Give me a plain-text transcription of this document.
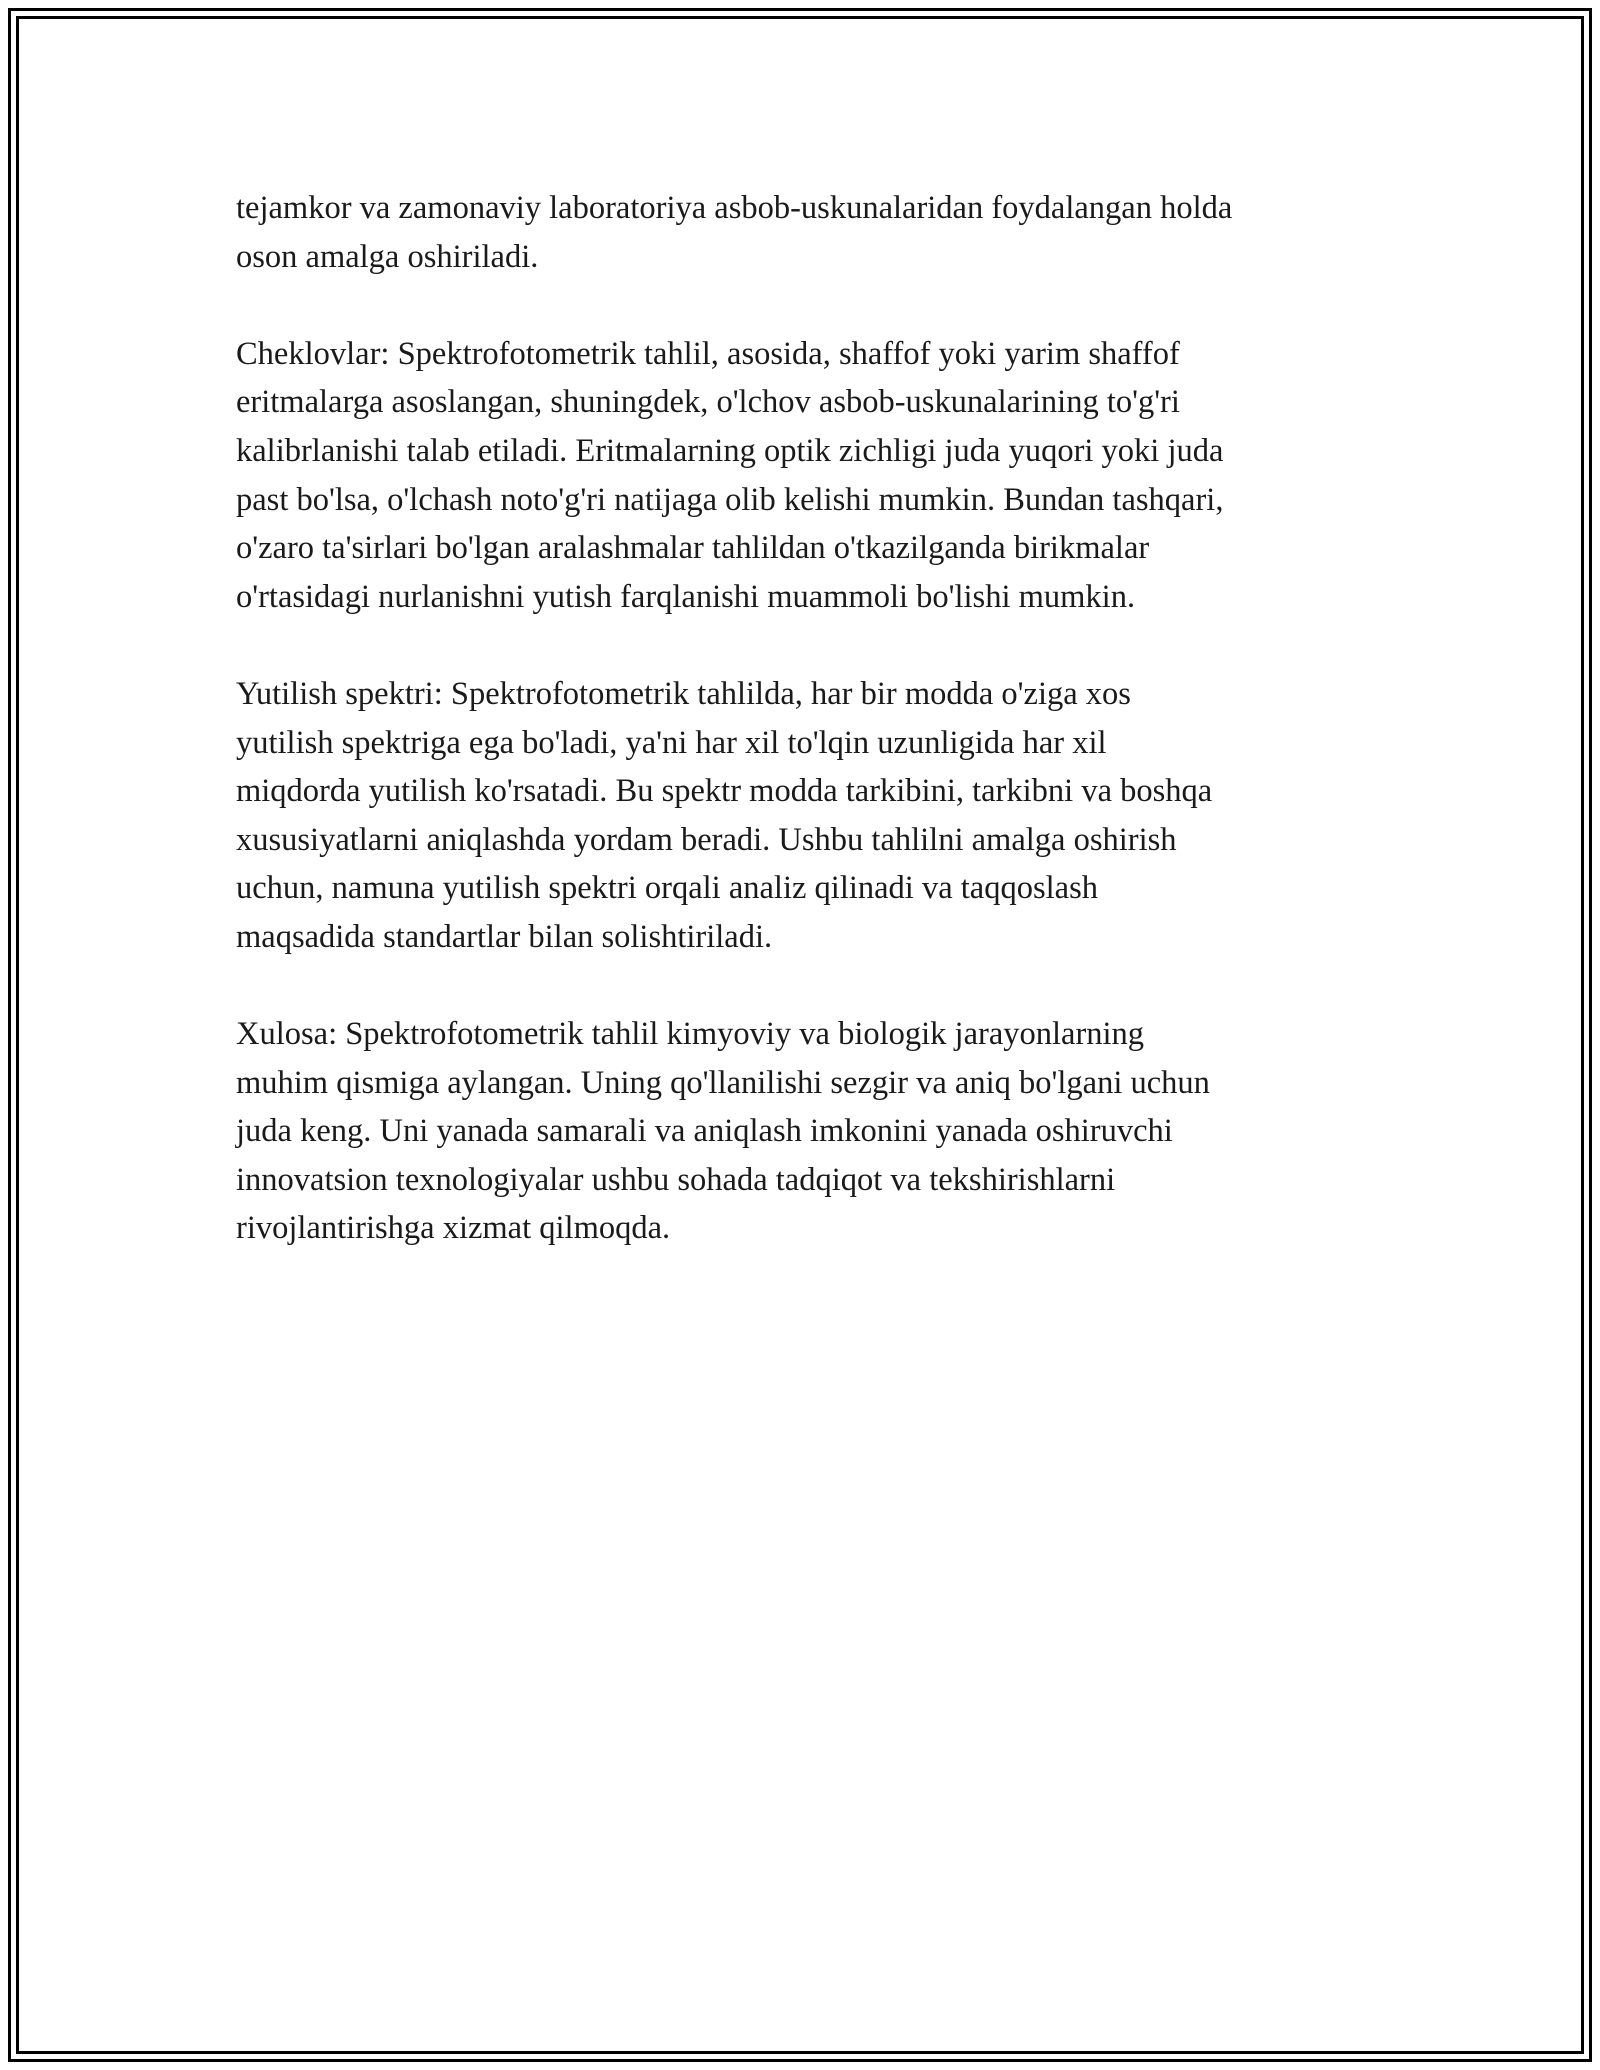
tejamkor va zamonaviy laboratoriya asbob-uskunalaridan foydalangan holda
oson amalga oshiriladi.

Cheklovlar: Spektrofotometrik tahlil, asosida, shaffof yoki yarim shaffof
eritmalarga asoslangan, shuningdek, o'lchov asbob-uskunalarining to'g'ri
kalibrlanishi talab etiladi. Eritmalarning optik zichligi juda yuqori yoki juda
past bo'lsa, o'lchash noto'g'ri natijaga olib kelishi mumkin. Bundan tashqari,
o'zaro ta'sirlari bo'lgan aralashmalar tahlildan o'tkazilganda birikmalar
o'rtasidagi nurlanishni yutish farqlanishi muammoli bo'lishi mumkin.

Yutilish spektri: Spektrofotometrik tahlilda, har bir modda o'ziga xos
yutilish spektriga ega bo'ladi, ya'ni har xil to'lqin uzunligida har xil
miqdorda yutilish ko'rsatadi. Bu spektr modda tarkibini, tarkibni va boshqa
xususiyatlarni aniqlashda yordam beradi. Ushbu tahlilni amalga oshirish
uchun, namuna yutilish spektri orqali analiz qilinadi va taqqoslash
maqsadida standartlar bilan solishtiriladi.

Xulosa: Spektrofotometrik tahlil kimyoviy va biologik jarayonlarning
muhim qismiga aylangan. Uning qo'llanilishi sezgir va aniq bo'lgani uchun
juda keng. Uni yanada samarali va aniqlash imkonini yanada oshiruvchi
innovatsion texnologiyalar ushbu sohada tadqiqot va tekshirishlarni
rivojlantirishga xizmat qilmoqda.
